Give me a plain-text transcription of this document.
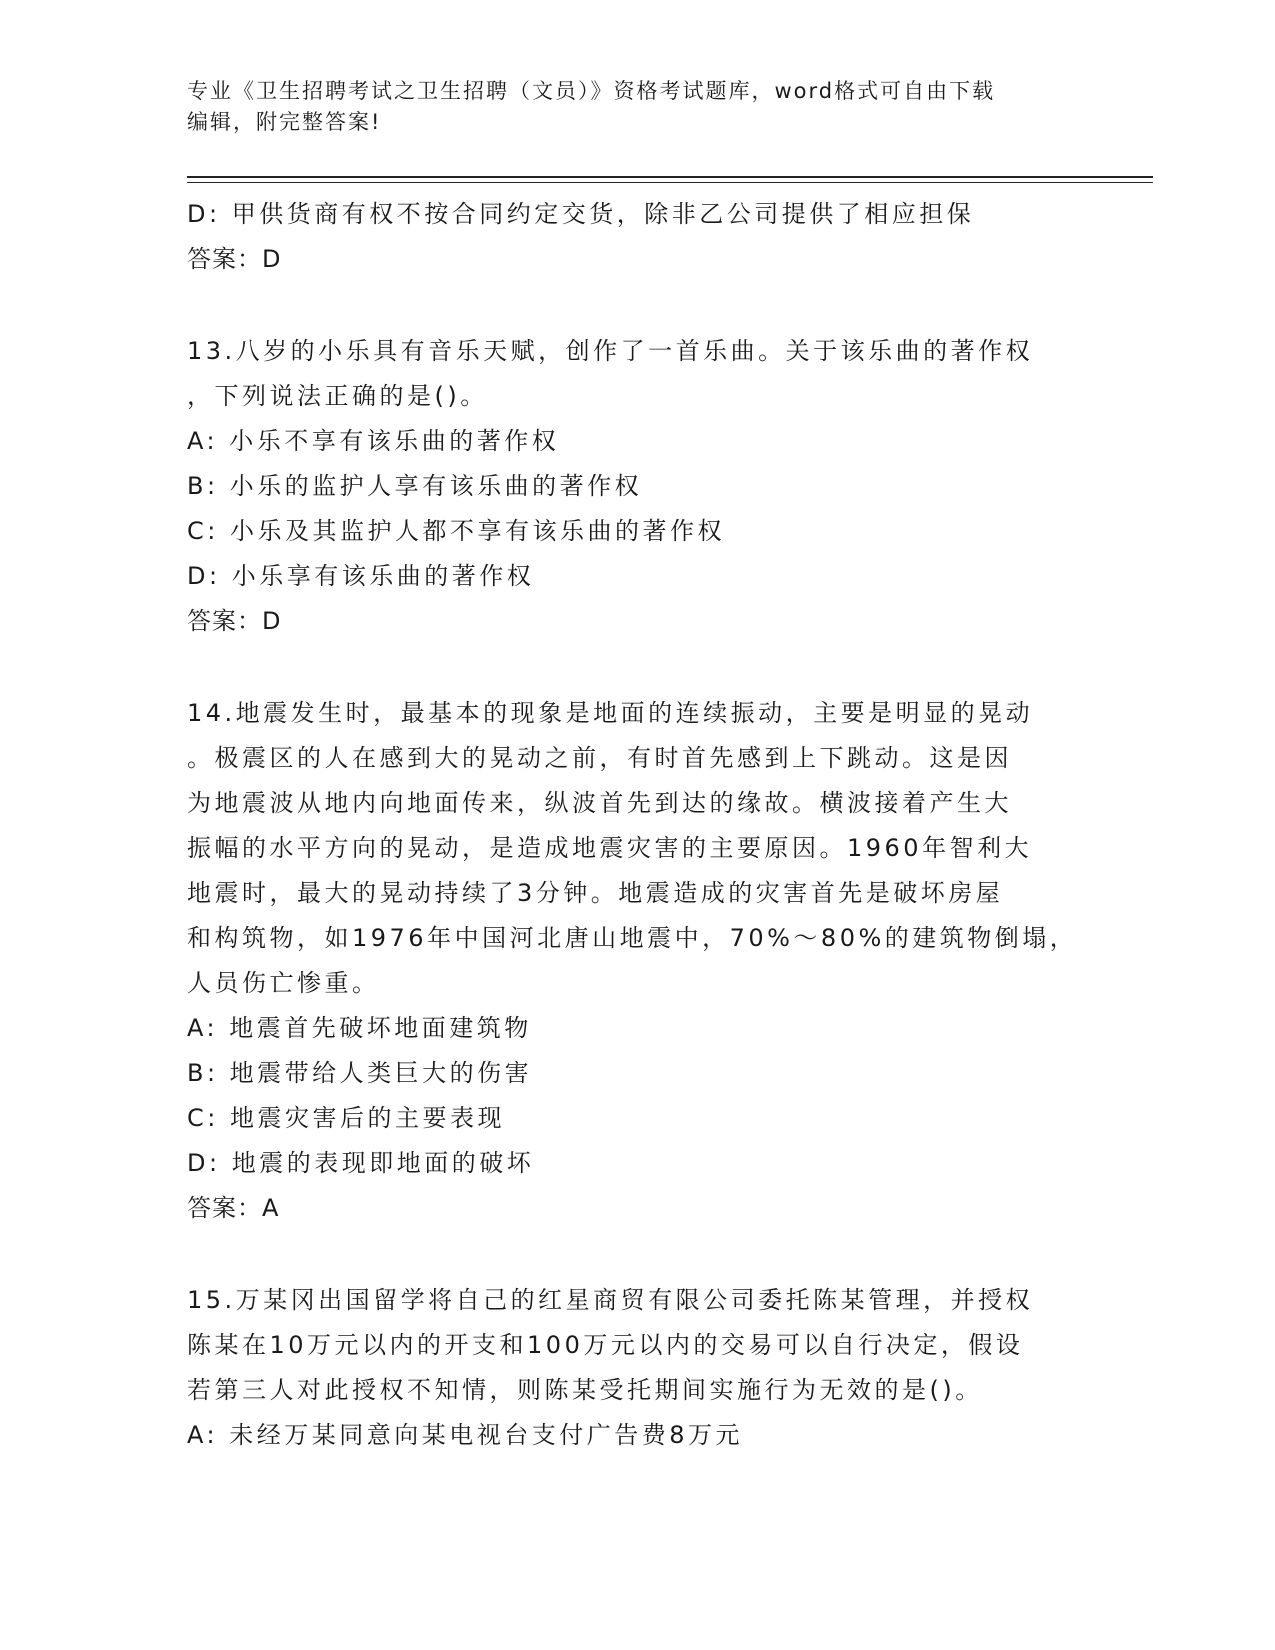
专业《卫生招聘考试之卫生招聘（文员）》资格考试题库，word格式可自由下载
编辑，附完整答案!

D: 甲供货商有权不按合同约定交货，除非乙公司提供了相应担保

答案：D

13.八岁的小乐具有音乐天赋，创作了一首乐曲。关于该乐曲的著作权

，下列说法正确的是()。

A: 小乐不享有该乐曲的著作权

B: 小乐的监护人享有该乐曲的著作权

C: 小乐及其监护人都不享有该乐曲的著作权

D: 小乐享有该乐曲的著作权

答案：D

14.地震发生时，最基本的现象是地面的连续振动，主要是明显的晃动

。极震区的人在感到大的晃动之前，有时首先感到上下跳动。这是因

为地震波从地内向地面传来，纵波首先到达的缘故。横波接着产生大

振幅的水平方向的晃动，是造成地震灾害的主要原因。1960年智利大

地震时，最大的晃动持续了3分钟。地震造成的灾害首先是破坏房屋

和构筑物，如1976年中国河北唐山地震中，70%～80%的建筑物倒塌，

人员伤亡惨重。

A: 地震首先破坏地面建筑物

B: 地震带给人类巨大的伤害

C: 地震灾害后的主要表现

D: 地震的表现即地面的破坏

答案：A

15.万某冈出国留学将自己的红星商贸有限公司委托陈某管理，并授权

陈某在10万元以内的开支和100万元以内的交易可以自行决定，假设

若第三人对此授权不知情，则陈某受托期间实施行为无效的是()。

A: 未经万某同意向某电视台支付广告费8万元
